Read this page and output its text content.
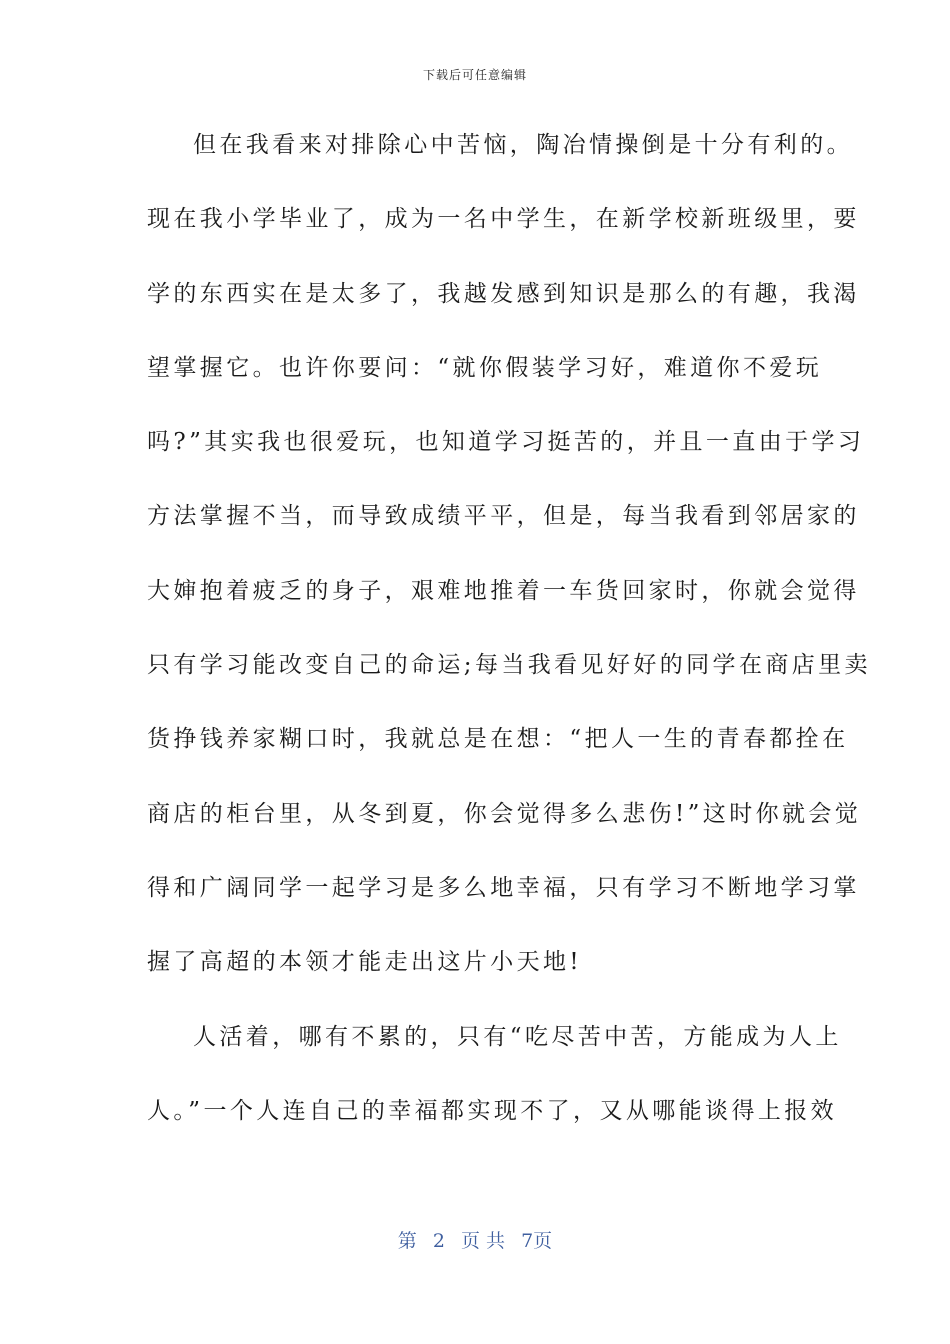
下载后可任意编辑
但在我看来对排除心中苦恼，陶冶情操倒是十分有利的。
现在我小学毕业了，成为一名中学生，在新学校新班级里，要
学的东西实在是太多了，我越发感到知识是那么的有趣，我渴
望掌握它。也许你要问：“就你假装学习好，难道你不爱玩
吗?”其实我也很爱玩，也知道学习挺苦的，并且一直由于学习
方法掌握不当，而导致成绩平平，但是，每当我看到邻居家的
大婶抱着疲乏的身子，艰难地推着一车货回家时，你就会觉得
只有学习能改变自己的命运;每当我看见好好的同学在商店里卖
货挣钱养家糊口时，我就总是在想：“把人一生的青春都拴在
商店的柜台里，从冬到夏，你会觉得多么悲伤!”这时你就会觉
得和广阔同学一起学习是多么地幸福，只有学习不断地学习掌
握了高超的本领才能走出这片小天地!
人活着，哪有不累的，只有“吃尽苦中苦，方能成为人上
人。”一个人连自己的幸福都实现不了，又从哪能谈得上报效
第 2 页 共 7页
